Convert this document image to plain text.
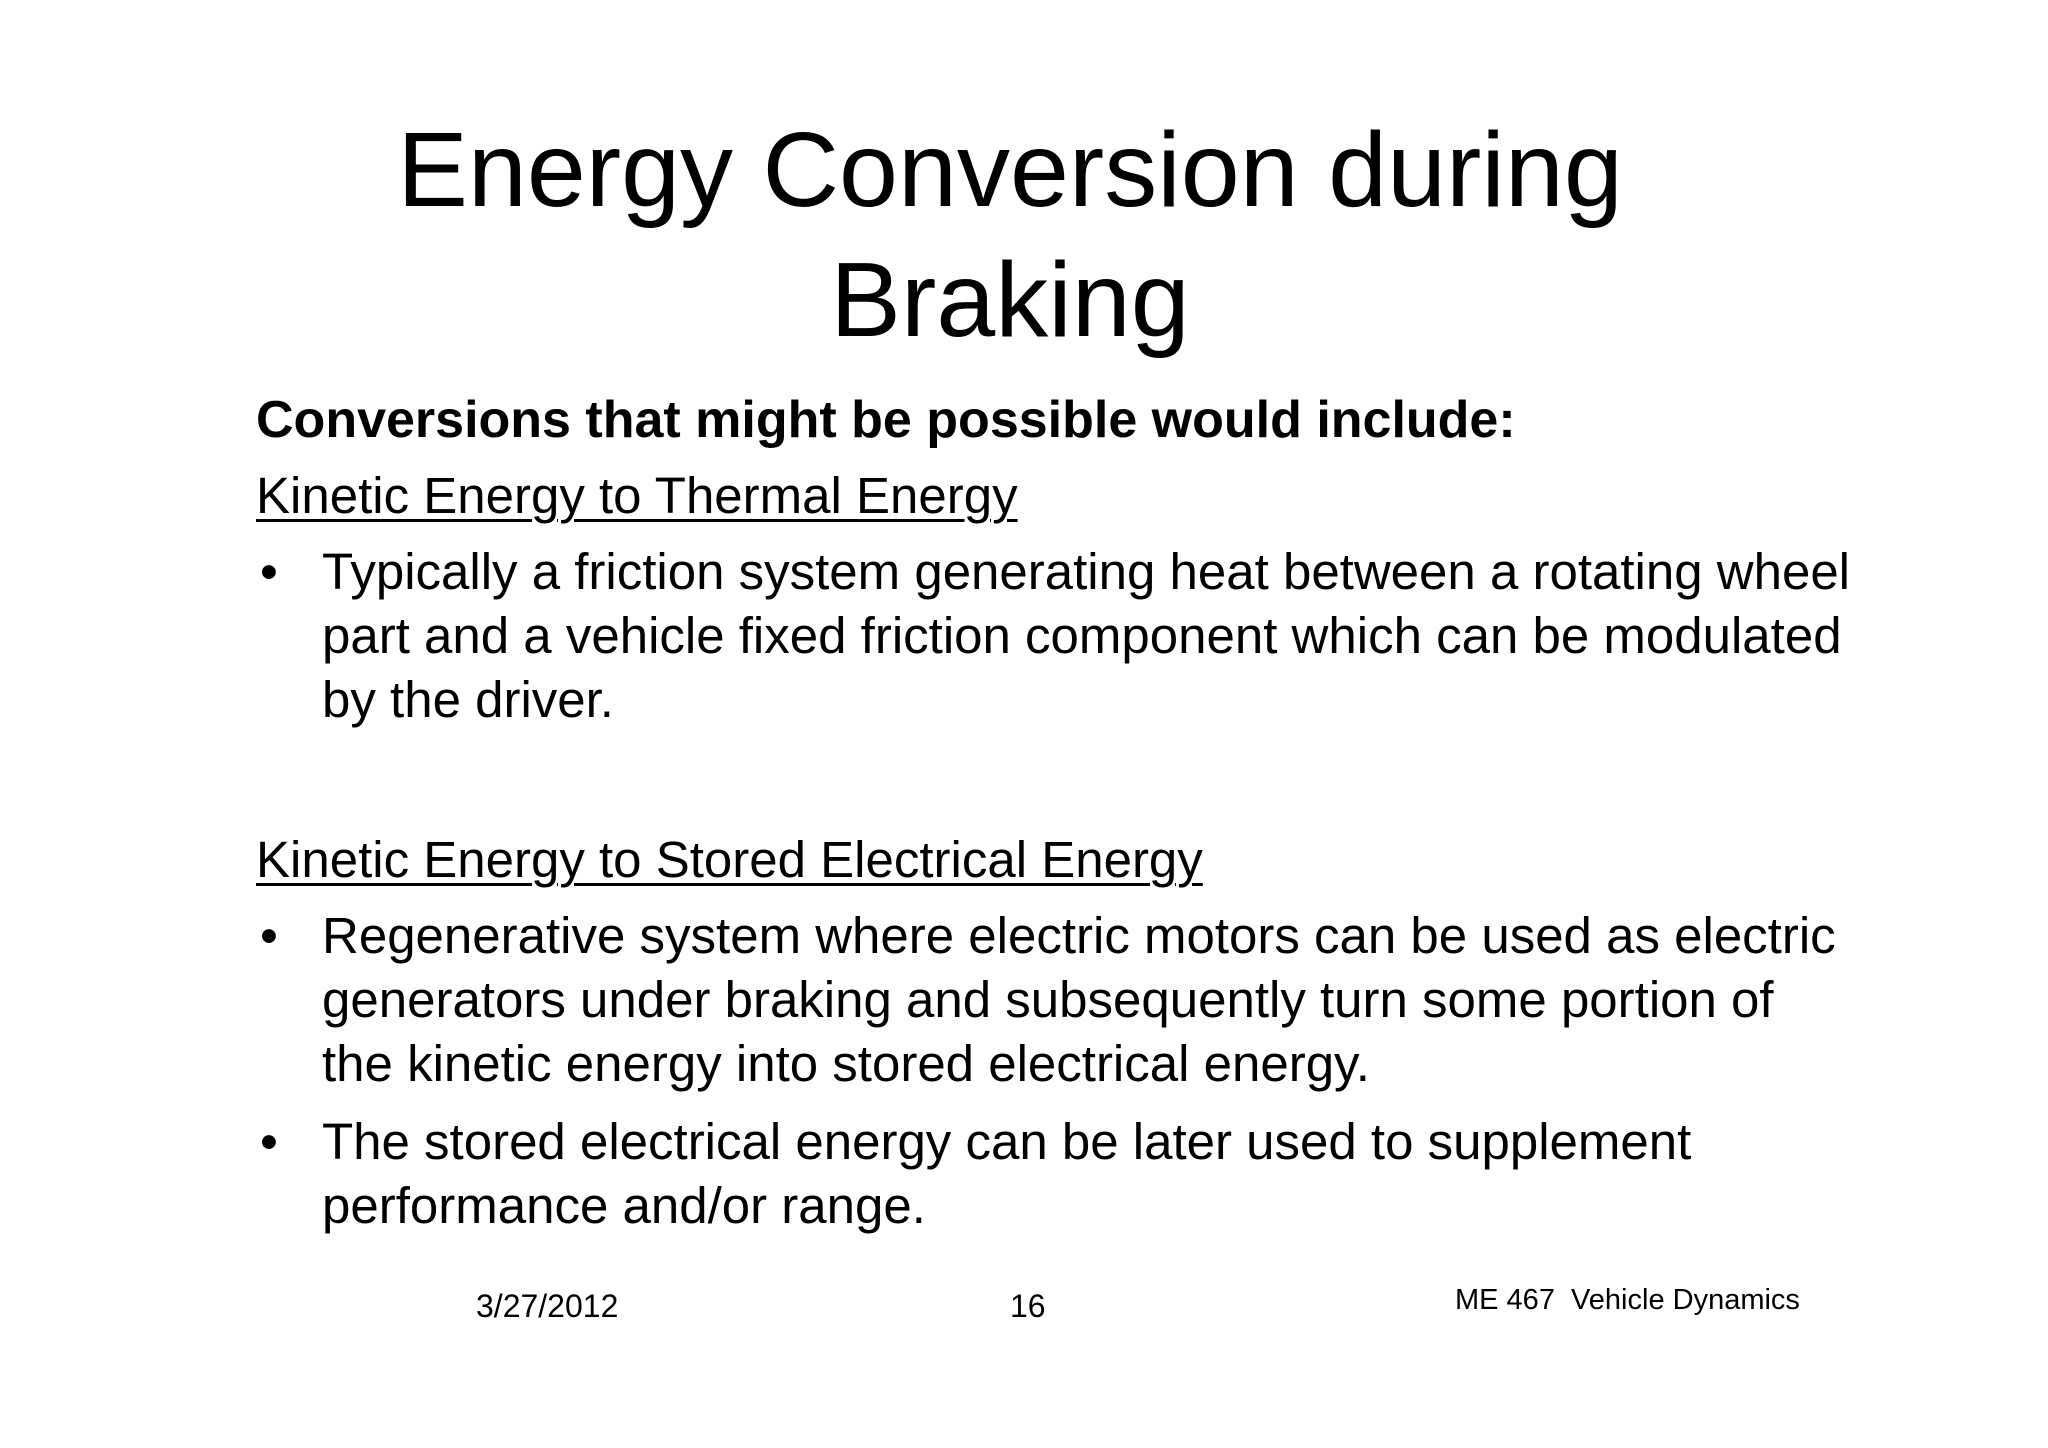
Energy Conversion during
Braking

Conversions that might be possible would include:

Kinetic Energy to Thermal Energy

• Typically a friction system generating heat between a rotating wheel part and a vehicle fixed friction component which can be modulated by the driver.

Kinetic Energy to Stored Electrical Energy

• Regenerative system where electric motors can be used as electric generators under braking and subsequently turn some portion of the kinetic energy into stored electrical energy.
• The stored electrical energy can be later used to supplement performance and/or range.
3/27/2012	16	ME 467  Vehicle Dynamics
